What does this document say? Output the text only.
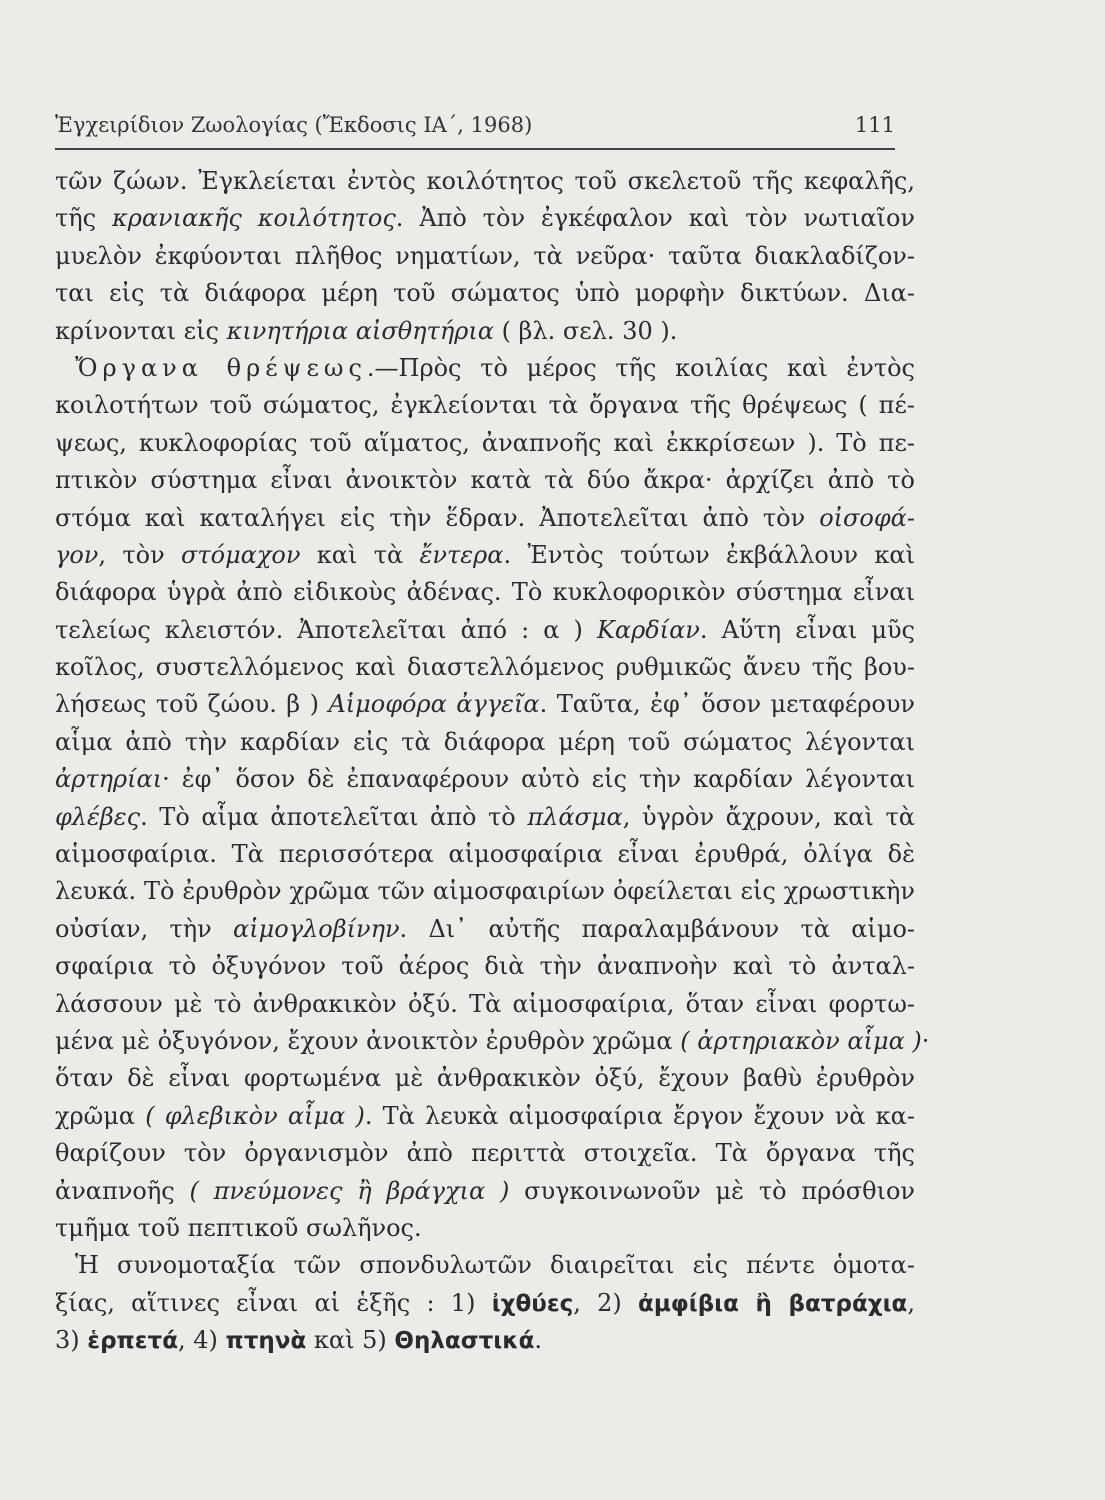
Ἐγχειρίδιον Ζωολογίας (Ἔκδοσις ΙΑ΄, 1968)	111
τῶν ζώων. Ἐγκλείεται ἐντὸς κοιλότητος τοῦ σκελετοῦ τῆς κεφαλῆς,
τῆς κρανιακῆς κοιλότητος. Ἀπὸ τὸν ἐγκέφαλον καὶ τὸν νωτιαῖον
μυελὸν ἐκφύονται πλῆθος νηματίων, τὰ νεῦρα· ταῦτα διακλαδίζον-
ται εἰς τὰ διάφορα μέρη τοῦ σώματος ὑπὸ μορφὴν δικτύων. Δια-
κρίνονται εἰς κινητήρια αἰσθητήρια ( βλ. σελ. 30 ).
Ὄργανα θρέψεως.—Πρὸς τὸ μέρος τῆς κοιλίας καὶ ἐντὸς
κοιλοτήτων τοῦ σώματος, ἐγκλείονται τὰ ὄργανα τῆς θρέψεως ( πέ-
ψεως, κυκλοφορίας τοῦ αἵματος, ἀναπνοῆς καὶ ἐκκρίσεων ). Τὸ πε-
πτικὸν σύστημα εἶναι ἀνοικτὸν κατὰ τὰ δύο ἄκρα· ἀρχίζει ἀπὸ τὸ
στόμα καὶ καταλήγει εἰς τὴν ἕδραν. Ἀποτελεῖται ἀπὸ τὸν οἰσοφά-
γον, τὸν στόμαχον καὶ τὰ ἔντερα. Ἐντὸς τούτων ἐκβάλλουν καὶ
διάφορα ὑγρὰ ἀπὸ εἰδικοὺς ἀδένας. Τὸ κυκλοφορικὸν σύστημα εἶναι
τελείως κλειστόν. Ἀποτελεῖται ἀπό : α ) Καρδίαν. Αὕτη εἶναι μῦς
κοῖλος, συστελλόμενος καὶ διαστελλόμενος ρυθμικῶς ἄνευ τῆς βου-
λήσεως τοῦ ζώου. β ) Αἱμοφόρα ἀγγεῖα. Ταῦτα, ἐφ᾽ ὅσον μεταφέρουν
αἷμα ἀπὸ τὴν καρδίαν εἰς τὰ διάφορα μέρη τοῦ σώματος λέγονται
ἀρτηρίαι· ἐφ᾽ ὅσον δὲ ἐπαναφέρουν αὐτὸ εἰς τὴν καρδίαν λέγονται
φλέβες. Τὸ αἷμα ἀποτελεῖται ἀπὸ τὸ πλάσμα, ὑγρὸν ἄχρουν, καὶ τὰ
αἱμοσφαίρια. Τὰ περισσότερα αἱμοσφαίρια εἶναι ἐρυθρά, ὀλίγα δὲ
λευκά. Τὸ ἐρυθρὸν χρῶμα τῶν αἱμοσφαιρίων ὀφείλεται εἰς χρωστικὴν
οὐσίαν, τὴν αἱμογλοβίνην. Δι᾽ αὐτῆς παραλαμβάνουν τὰ αἱμο-
σφαίρια τὸ ὀξυγόνον τοῦ ἀέρος διὰ τὴν ἀναπνοὴν καὶ τὸ ἀνταλ-
λάσσουν μὲ τὸ ἀνθρακικὸν ὀξύ. Τὰ αἱμοσφαίρια, ὅταν εἶναι φορτω-
μένα μὲ ὀξυγόνον, ἔχουν ἀνοικτὸν ἐρυθρὸν χρῶμα ( ἀρτηριακὸν αἷμα )·
ὅταν δὲ εἶναι φορτωμένα μὲ ἀνθρακικὸν ὀξύ, ἔχουν βαθὺ ἐρυθρὸν
χρῶμα ( φλεβικὸν αἷμα ). Τὰ λευκὰ αἱμοσφαίρια ἔργον ἔχουν νὰ κα-
θαρίζουν τὸν ὀργανισμὸν ἀπὸ περιττὰ στοιχεῖα. Τὰ ὄργανα τῆς
ἀναπνοῆς ( πνεύμονες ἢ βράγχια ) συγκοινωνοῦν μὲ τὸ πρόσθιον
τμῆμα τοῦ πεπτικοῦ σωλῆνος.
Ἡ συνομοταξία τῶν σπονδυλωτῶν διαιρεῖται εἰς πέντε ὁμοτα-
ξίας, αἵτινες εἶναι αἱ ἑξῆς : 1) ἰχθύες, 2) ἀμφίβια ἢ βατράχια,
3) ἑρπετά, 4) πτηνὰ καὶ 5) Θηλαστικά.
